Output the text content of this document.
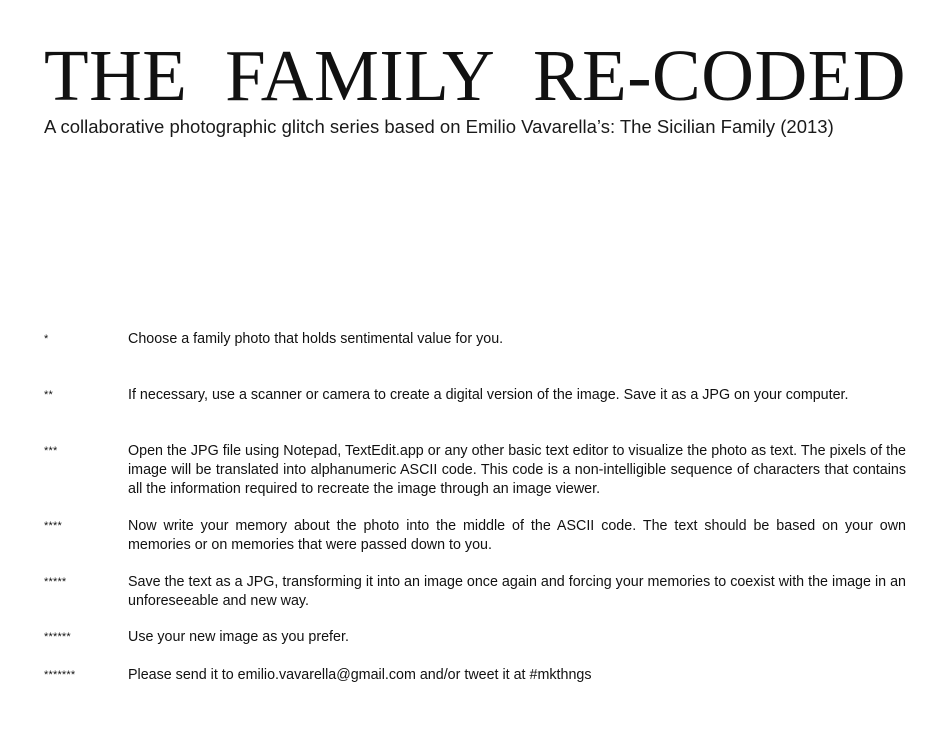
THE FAMILY RE-CODED

A collaborative photographic glitch series based on Emilio Vavarella’s: The Sicilian Family (2013)

*	Choose a family photo that holds sentimental value for you.
**	If necessary, use a scanner or camera to create a digital version of the image. Save it as a JPG on your computer.
***	Open the JPG file using Notepad, TextEdit.app or any other basic text editor to visualize the photo as text. The pixels of the image will be translated into alphanumeric ASCII code. This code is a non-intelligible sequence of characters that contains all the information required to recreate the image through an image viewer.
****	Now write your memory about the photo into the middle of the ASCII code. The text should be based on your own memories or on memories that were passed down to you.
*****	Save the text as a JPG, transforming it into an image once again and forcing your memories to coexist with the image in an unforeseeable and new way.
******	Use your new image as you prefer.
*******	Please send it to emilio.vavarella@gmail.com and/or tweet it at #mkthngs
